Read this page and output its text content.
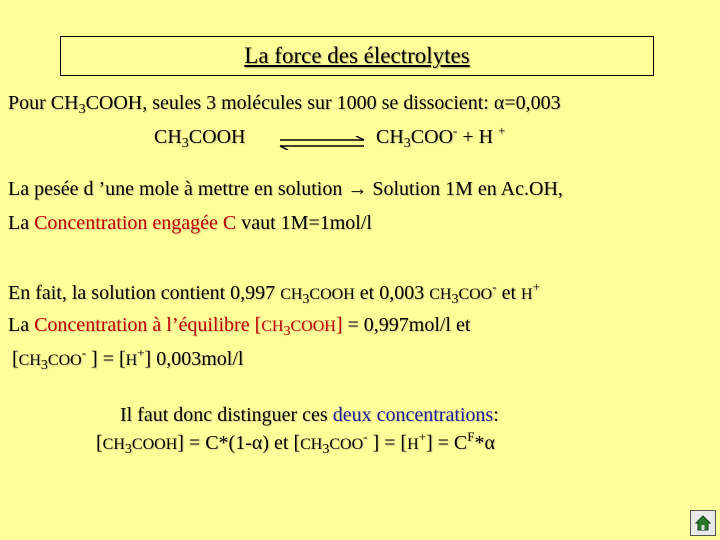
La force des électrolytes
Pour $CH_3COOH$, seules 3 molécules sur 1000 se dissocient: α=0,003
$CH_3COOH$	$CH_3COO^- + H$ +
La pesée d ’une mole à mettre en solution → Solution 1M en Ac.OH,
La Concentration engagée C vaut 1M=1mol/l
En fait, la solution contient 0,997 $CH_3COOH$ et 0,003 $CH_3COO^-$ et H+
La Concentration à l’équilibre $[CH_3COOH] = 0,997mol/l$ et
[$CH_3COO^-$ ] = [H+] 0,003mol/l
Il faut donc distinguer ces deux concentrations:
$[CH_3COOH] = C*(1-\alpha)$ et [$CH_3COO^-$ ] = $[H^+] = C^F*\alpha$
